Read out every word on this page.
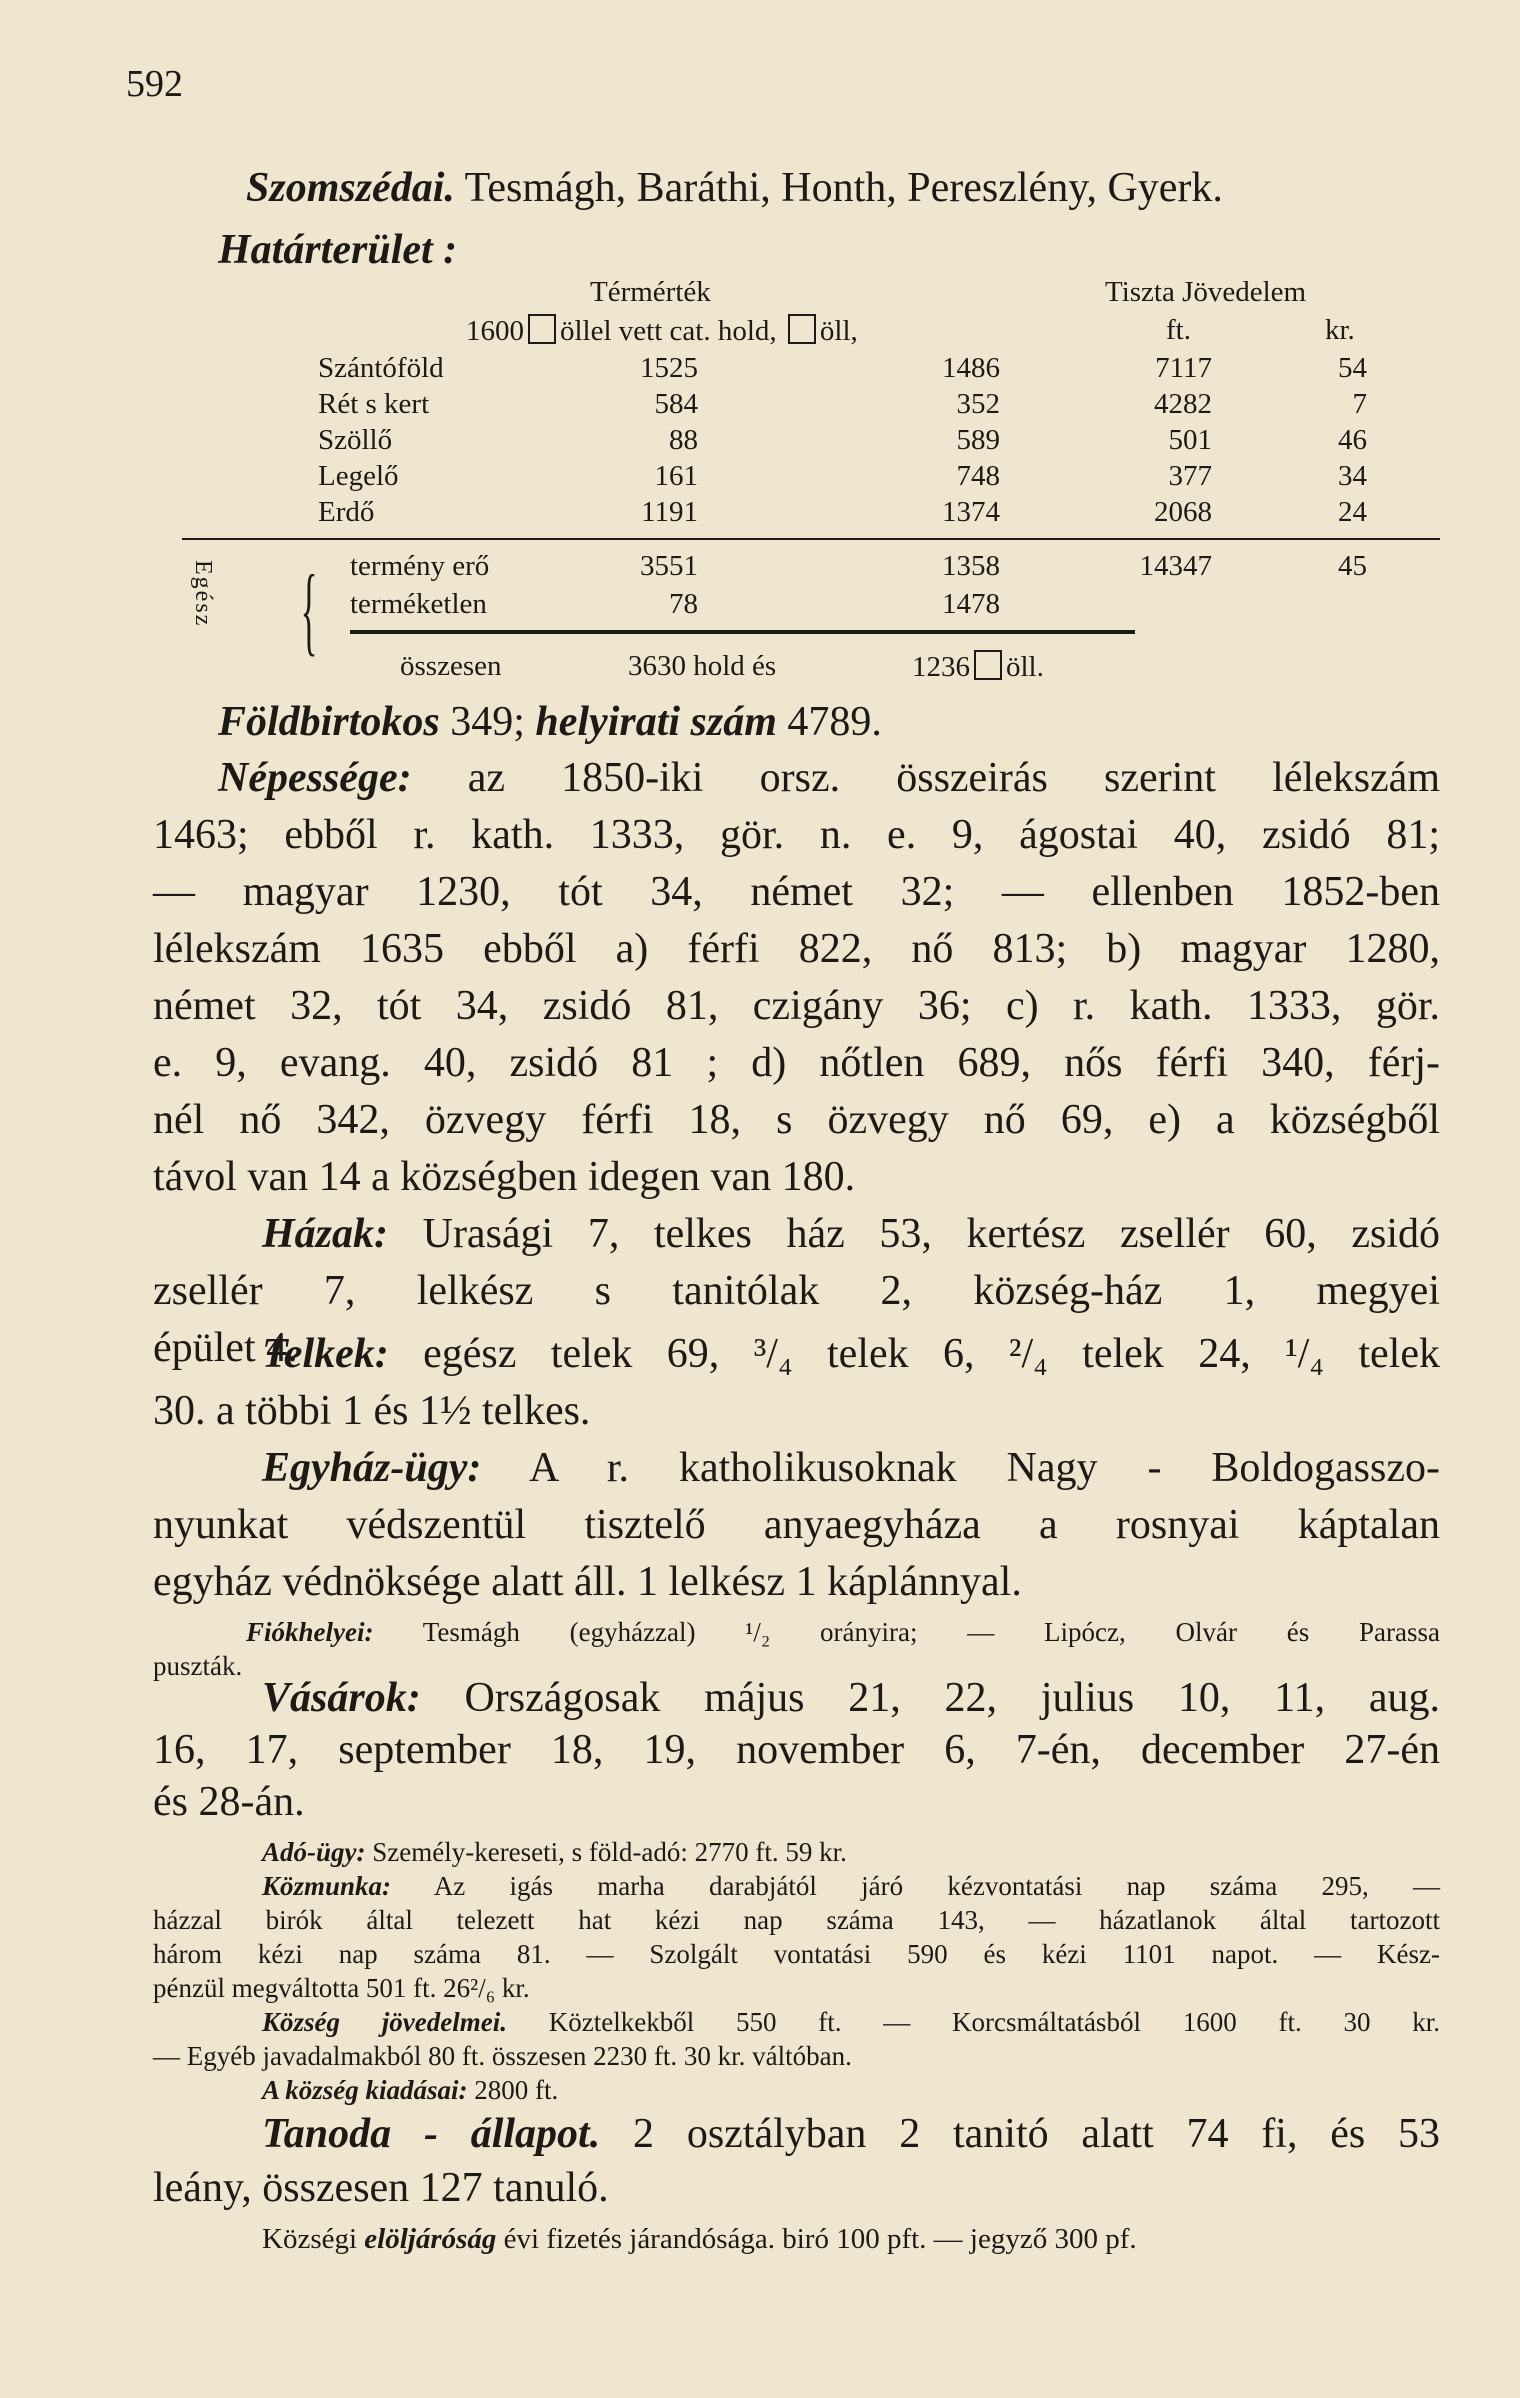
592
Szomszédai. Tesmágh, Baráthi, Honth, Pereszlény, Gyerk.
Határterület :
Térmérték	Tiszta Jövedelem
1600 öllel vett cat. hold, öll,	ft.	kr.
Szántóföld	1525	1486	7117	54
Rét s kert	584	352	4282	7
Szöllő	88	589	501	46
Legelő	161	748	377	34
Erdő	1191	1374	2068	24
Egész { termény erő	3551	1358	14347	45
terméketlen	78	1478
összesen	3630 hold és	1236 öll.
Földbirtokos 349; helyirati szám 4789.
Népessége: az 1850-iki orsz. összeirás szerint lélekszám
1463; ebből r. kath. 1333, gör. n. e. 9, ágostai 40, zsidó 81;
— magyar 1230, tót 34, német 32; — ellenben 1852-ben
lélekszám 1635 ebből a) férfi 822, nő 813; b) magyar 1280,
német 32, tót 34, zsidó 81, czigány 36; c) r. kath. 1333, gör.
e. 9, evang. 40, zsidó 81 ; d) nőtlen 689, nős férfi 340, férj-
nél nő 342, özvegy férfi 18, s özvegy nő 69, e) a községből
távol van 14 a községben idegen van 180.
Házak: Urasági 7, telkes ház 53, kertész zsellér 60, zsidó
zsellér 7, lelkész s tanitólak 2, község-ház 1, megyei
épület 4.
Telkek: egész telek 69, ³/₄ telek 6, ²/₄ telek 24, ¹/₄ telek
30. a többi 1 és 1½ telkes.
Egyház-ügy: A r. katholikusoknak Nagy - Boldogasszo-
nyunkat védszentül tisztelő anyaegyháza a rosnyai káptalan
egyház védnöksége alatt áll. 1 lelkész 1 káplánnyal.
Fiókhelyei: Tesmágh (egyházzal) ¹/₂ orányira; — Lipócz, Olvár és Parassa
puszták.
Vásárok: Országosak május 21, 22, julius 10, 11, aug.
16, 17, september 18, 19, november 6, 7-én, december 27-én
és 28-án.
Adó-ügy: Személy-kereseti, s föld-adó: 2770 ft. 59 kr.
Közmunka: Az igás marha darabjától járó kézvontatási nap száma 295, —
házzal birók által telezett hat kézi nap száma 143, — házatlanok által tartozott
három kézi nap száma 81. — Szolgált vontatási 590 és kézi 1101 napot. — Kész-
pénzül megváltotta 501 ft. 26²/₆ kr.
Község jövedelmei. Köztelkekből 550 ft. — Korcsmáltatásból 1600 ft. 30 kr.
— Egyéb javadalmakból 80 ft. összesen 2230 ft. 30 kr. váltóban.
A község kiadásai: 2800 ft.
Tanoda - állapot. 2 osztályban 2 tanitó alatt 74 fi, és 53
leány, összesen 127 tanuló.
Községi elöljáróság évi fizetés járandósága. biró 100 pft. — jegyző 300 pf.
